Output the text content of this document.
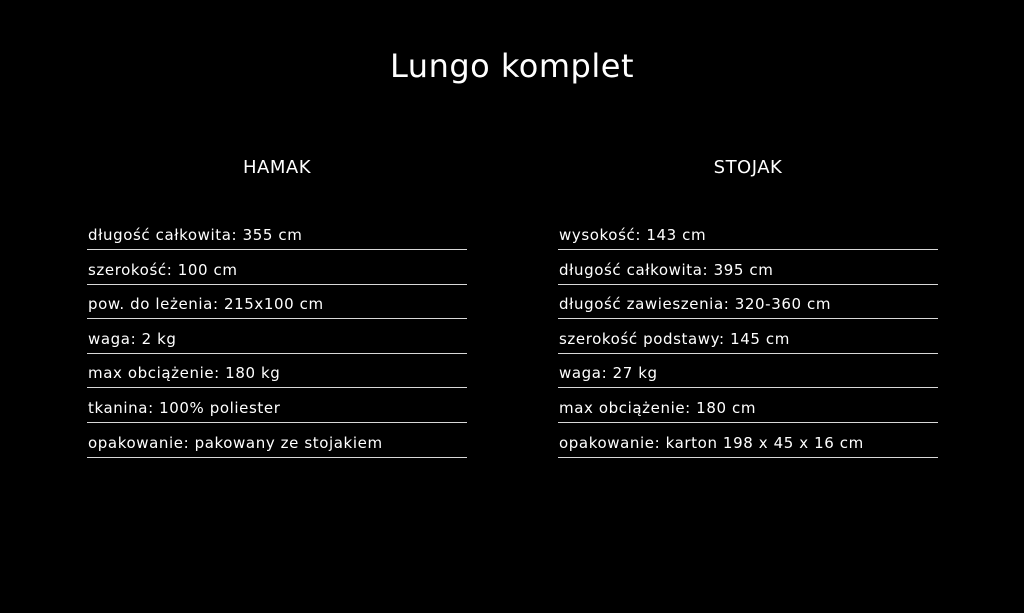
Lungo komplet
HAMAK
długość całkowita: 355 cm
szerokość: 100 cm
pow. do leżenia: 215x100 cm
waga: 2 kg
max obciążenie: 180 kg
tkanina: 100% poliester
opakowanie: pakowany ze stojakiem
STOJAK
wysokość: 143 cm
długość całkowita: 395 cm
długość zawieszenia: 320-360 cm
szerokość podstawy: 145 cm
waga: 27 kg
max obciążenie: 180 cm
opakowanie: karton 198 x 45 x 16 cm
